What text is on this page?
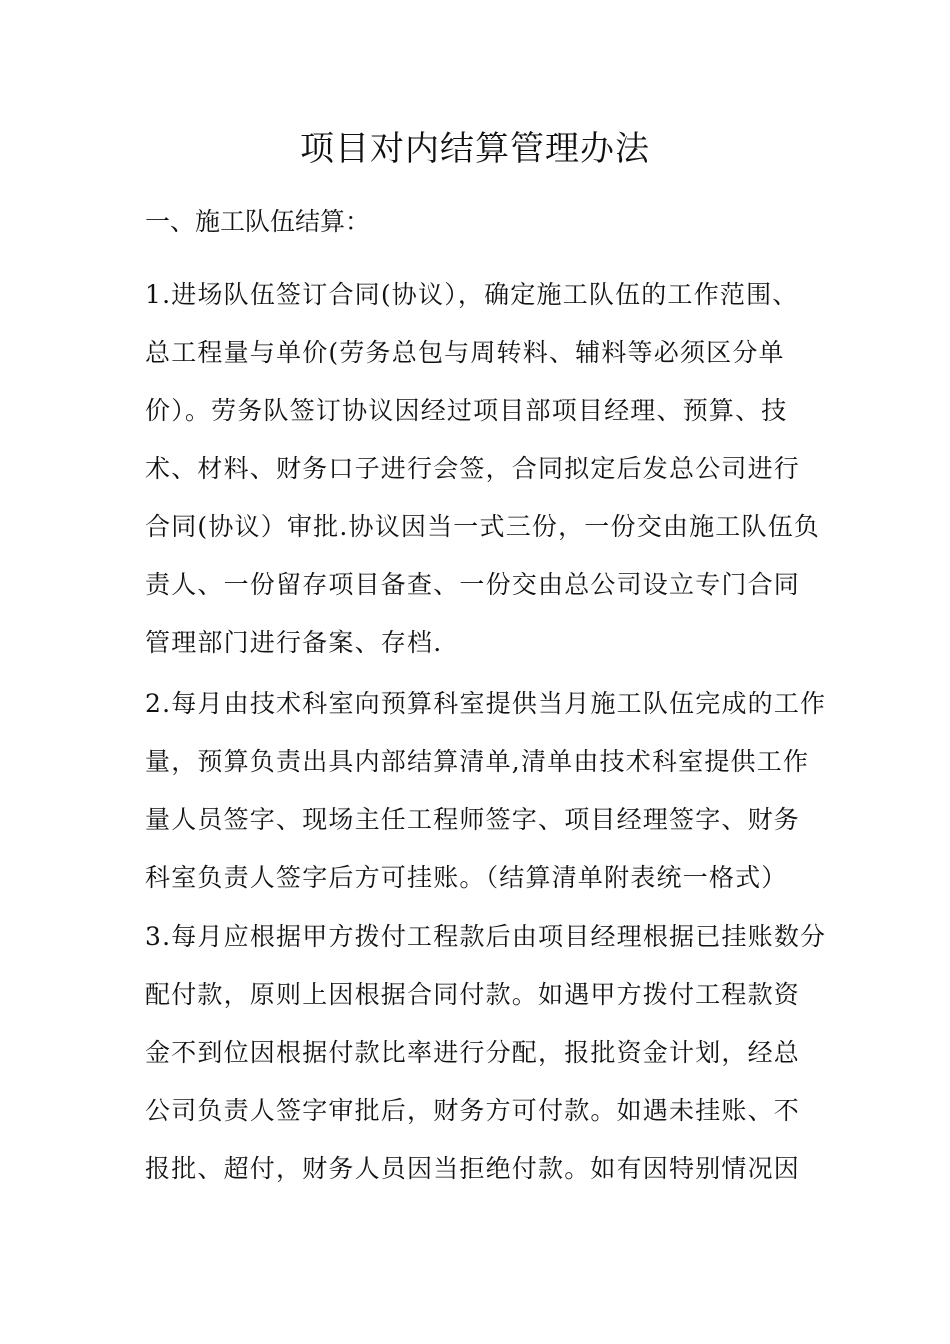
项目对内结算管理办法

一、施工队伍结算：

1.进场队伍签订合同(协议），确定施工队伍的工作范围、
总工程量与单价(劳务总包与周转料、辅料等必须区分单
价）。劳务队签订协议因经过项目部项目经理、预算、技
术、材料、财务口子进行会签，合同拟定后发总公司进行
合同(协议）审批.协议因当一式三份，一份交由施工队伍负
责人、一份留存项目备查、一份交由总公司设立专门合同
管理部门进行备案、存档.

2.每月由技术科室向预算科室提供当月施工队伍完成的工作
量，预算负责出具内部结算清单,清单由技术科室提供工作
量人员签字、现场主任工程师签字、项目经理签字、财务
科室负责人签字后方可挂账。（结算清单附表统一格式）

3.每月应根据甲方拨付工程款后由项目经理根据已挂账数分
配付款，原则上因根据合同付款。如遇甲方拨付工程款资
金不到位因根据付款比率进行分配，报批资金计划，经总
公司负责人签字审批后，财务方可付款。如遇未挂账、不
报批、超付，财务人员因当拒绝付款。如有因特别情况因
